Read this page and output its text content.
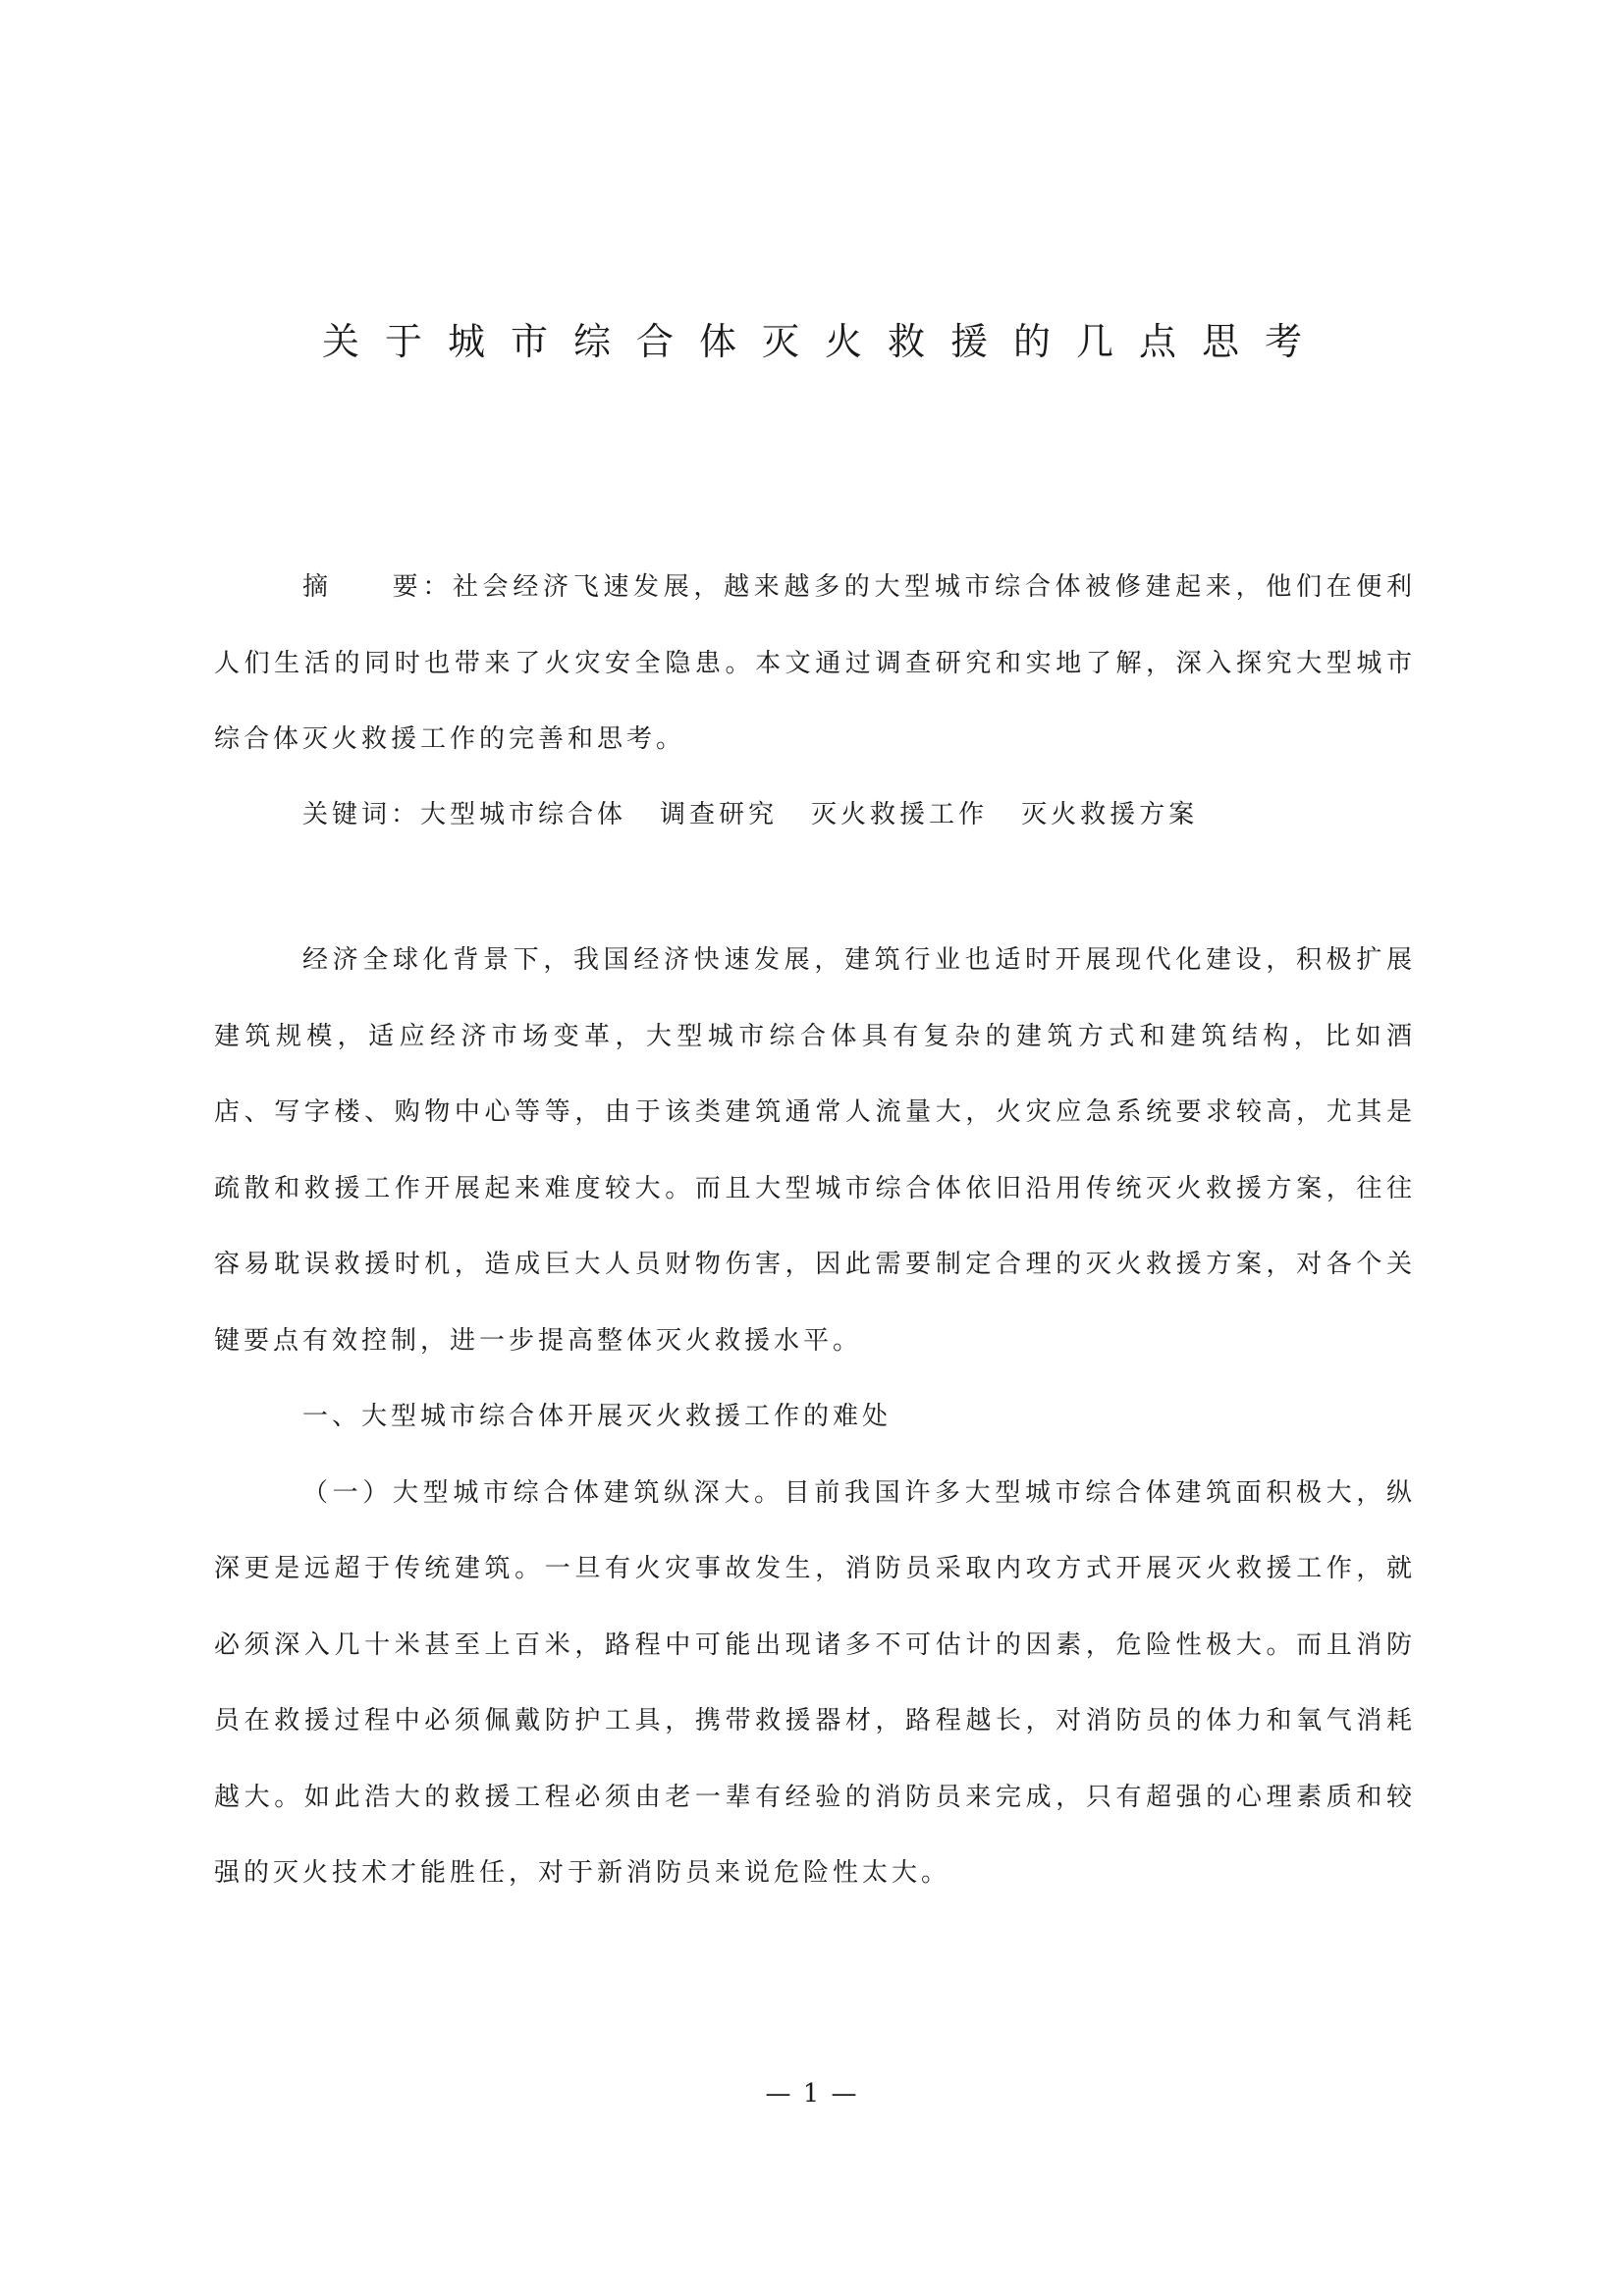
关于城市综合体灭火救援的几点思考
摘 要：社会经济飞速发展，越来越多的大型城市综合体被修建起来，他们在便利人们生活的同时也带来了火灾安全隐患。本文通过调查研究和实地了解，深入探究大型城市综合体灭火救援工作的完善和思考。
关键词：大型城市综合体 调查研究 灭火救援工作 灭火救援方案

经济全球化背景下，我国经济快速发展，建筑行业也适时开展现代化建设，积极扩展建筑规模，适应经济市场变革，大型城市综合体具有复杂的建筑方式和建筑结构，比如酒店、写字楼、购物中心等等，由于该类建筑通常人流量大，火灾应急系统要求较高，尤其是疏散和救援工作开展起来难度较大。而且大型城市综合体依旧沿用传统灭火救援方案，往往容易耽误救援时机，造成巨大人员财物伤害，因此需要制定合理的灭火救援方案，对各个关键要点有效控制，进一步提高整体灭火救援水平。

一、大型城市综合体开展灭火救援工作的难处

（一）大型城市综合体建筑纵深大。目前我国许多大型城市综合体建筑面积极大，纵深更是远超于传统建筑。一旦有火灾事故发生，消防员采取内攻方式开展灭火救援工作，就必须深入几十米甚至上百米，路程中可能出现诸多不可估计的因素，危险性极大。而且消防员在救援过程中必须佩戴防护工具，携带救援器材，路程越长，对消防员的体力和氧气消耗越大。如此浩大的救援工程必须由老一辈有经验的消防员来完成，只有超强的心理素质和较强的灭火技术才能胜任，对于新消防员来说危险性太大。

— 1 —
